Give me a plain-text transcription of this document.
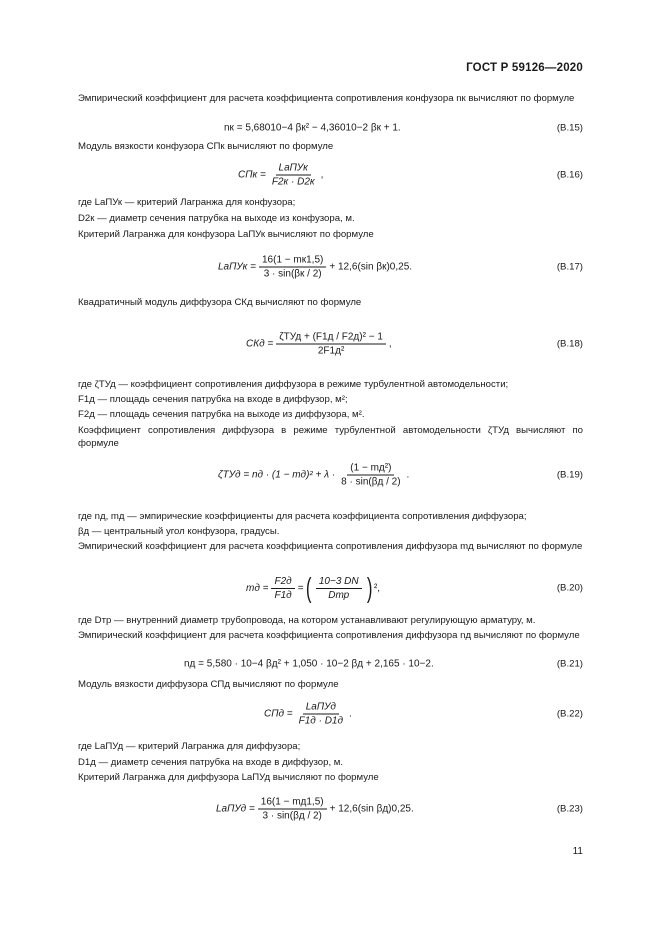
ГОСТ Р 59126—2020
Эмпирический коэффициент для расчета коэффициента сопротивления конфузора nк вычисляют по формуле
nк = 5,68010−4 βк² − 4,36010−2 βк + 1.	(В.15)
Модуль вязкости конфузора СПк вычисляют по формуле
CПк = $\frac{\text{LaПУк}}{F2к \cdot D2к}$ ,	(В.16)
где LaПУк — критерий Лагранжа для конфузора;
D2к — диаметр сечения патрубка на выходе из конфузора, м.
Критерий Лагранжа для конфузора LaПУк вычисляют по формуле
LaПУк = $\frac{16(1 - mк1,5)}{3 \cdot \sin(\beta к / 2)} + 12,6(\sin$ βк)0,25.	(В.17)
Квадратичный модуль диффузора СКд вычисляют по формуле
CКд = $\frac{\text{ζТУд + (F1д / F2д)² − 1}}{\text{2F1д²}}$ ,	(В.18)
где ζТУд — коэффициент сопротивления диффузора в режиме турбулентной автомодельности;
F1д — площадь сечения патрубка на входе в диффузор, м²;
F2д — площадь сечения патрубка на выходе из диффузора, м².
Коэффициент сопротивления диффузора в режиме турбулентной автомодельности ζТУд вычисляют по формуле
ζТУд = nд · $(1 - mд)^2 + \lambda \cdot \frac{\text{(1 − mд²)}}{8 \cdot \sin(\beta д / 2)}$ .	(В.19)
где nд, mд — эмпирические коэффициенты для расчета коэффициента сопротивления диффузора;
βд — центральный угол конфузора, градусы.
Эмпирический коэффициент для расчета коэффициента сопротивления диффузора mд вычисляют по формуле
mд = $\frac{F2д}{F1д}$ = ( $\frac{10-3 DN}{\text{Dтр}}$ ) ²,	(В.20)
где Dтр — внутренний диаметр трубопровода, на котором устанавливают регулирующую арматуру, м.
Эмпирический коэффициент для расчета коэффициента сопротивления диффузора nд вычисляют по формуле
nд = 5,580 · 10−4 βд² + 1,050 · 10−2 βд + 2,165 · 10−2.	(В.21)
Модуль вязкости диффузора СПд вычисляют по формуле
CПд = $\frac{\text{LaПУд}}{F1д \cdot D1д}$ .	(В.22)
где LaПУд — критерий Лагранжа для диффузора;
D1д — диаметр сечения патрубка на входе в диффузор, м.
Критерий Лагранжа для диффузора LaПУд вычисляют по формуле
LaПУд = $\frac{16(1 - mд1,5)}{3 \cdot \sin(\beta д / 2)} + 12,6(\sin$ βд)0,25.	(В.23)
11
